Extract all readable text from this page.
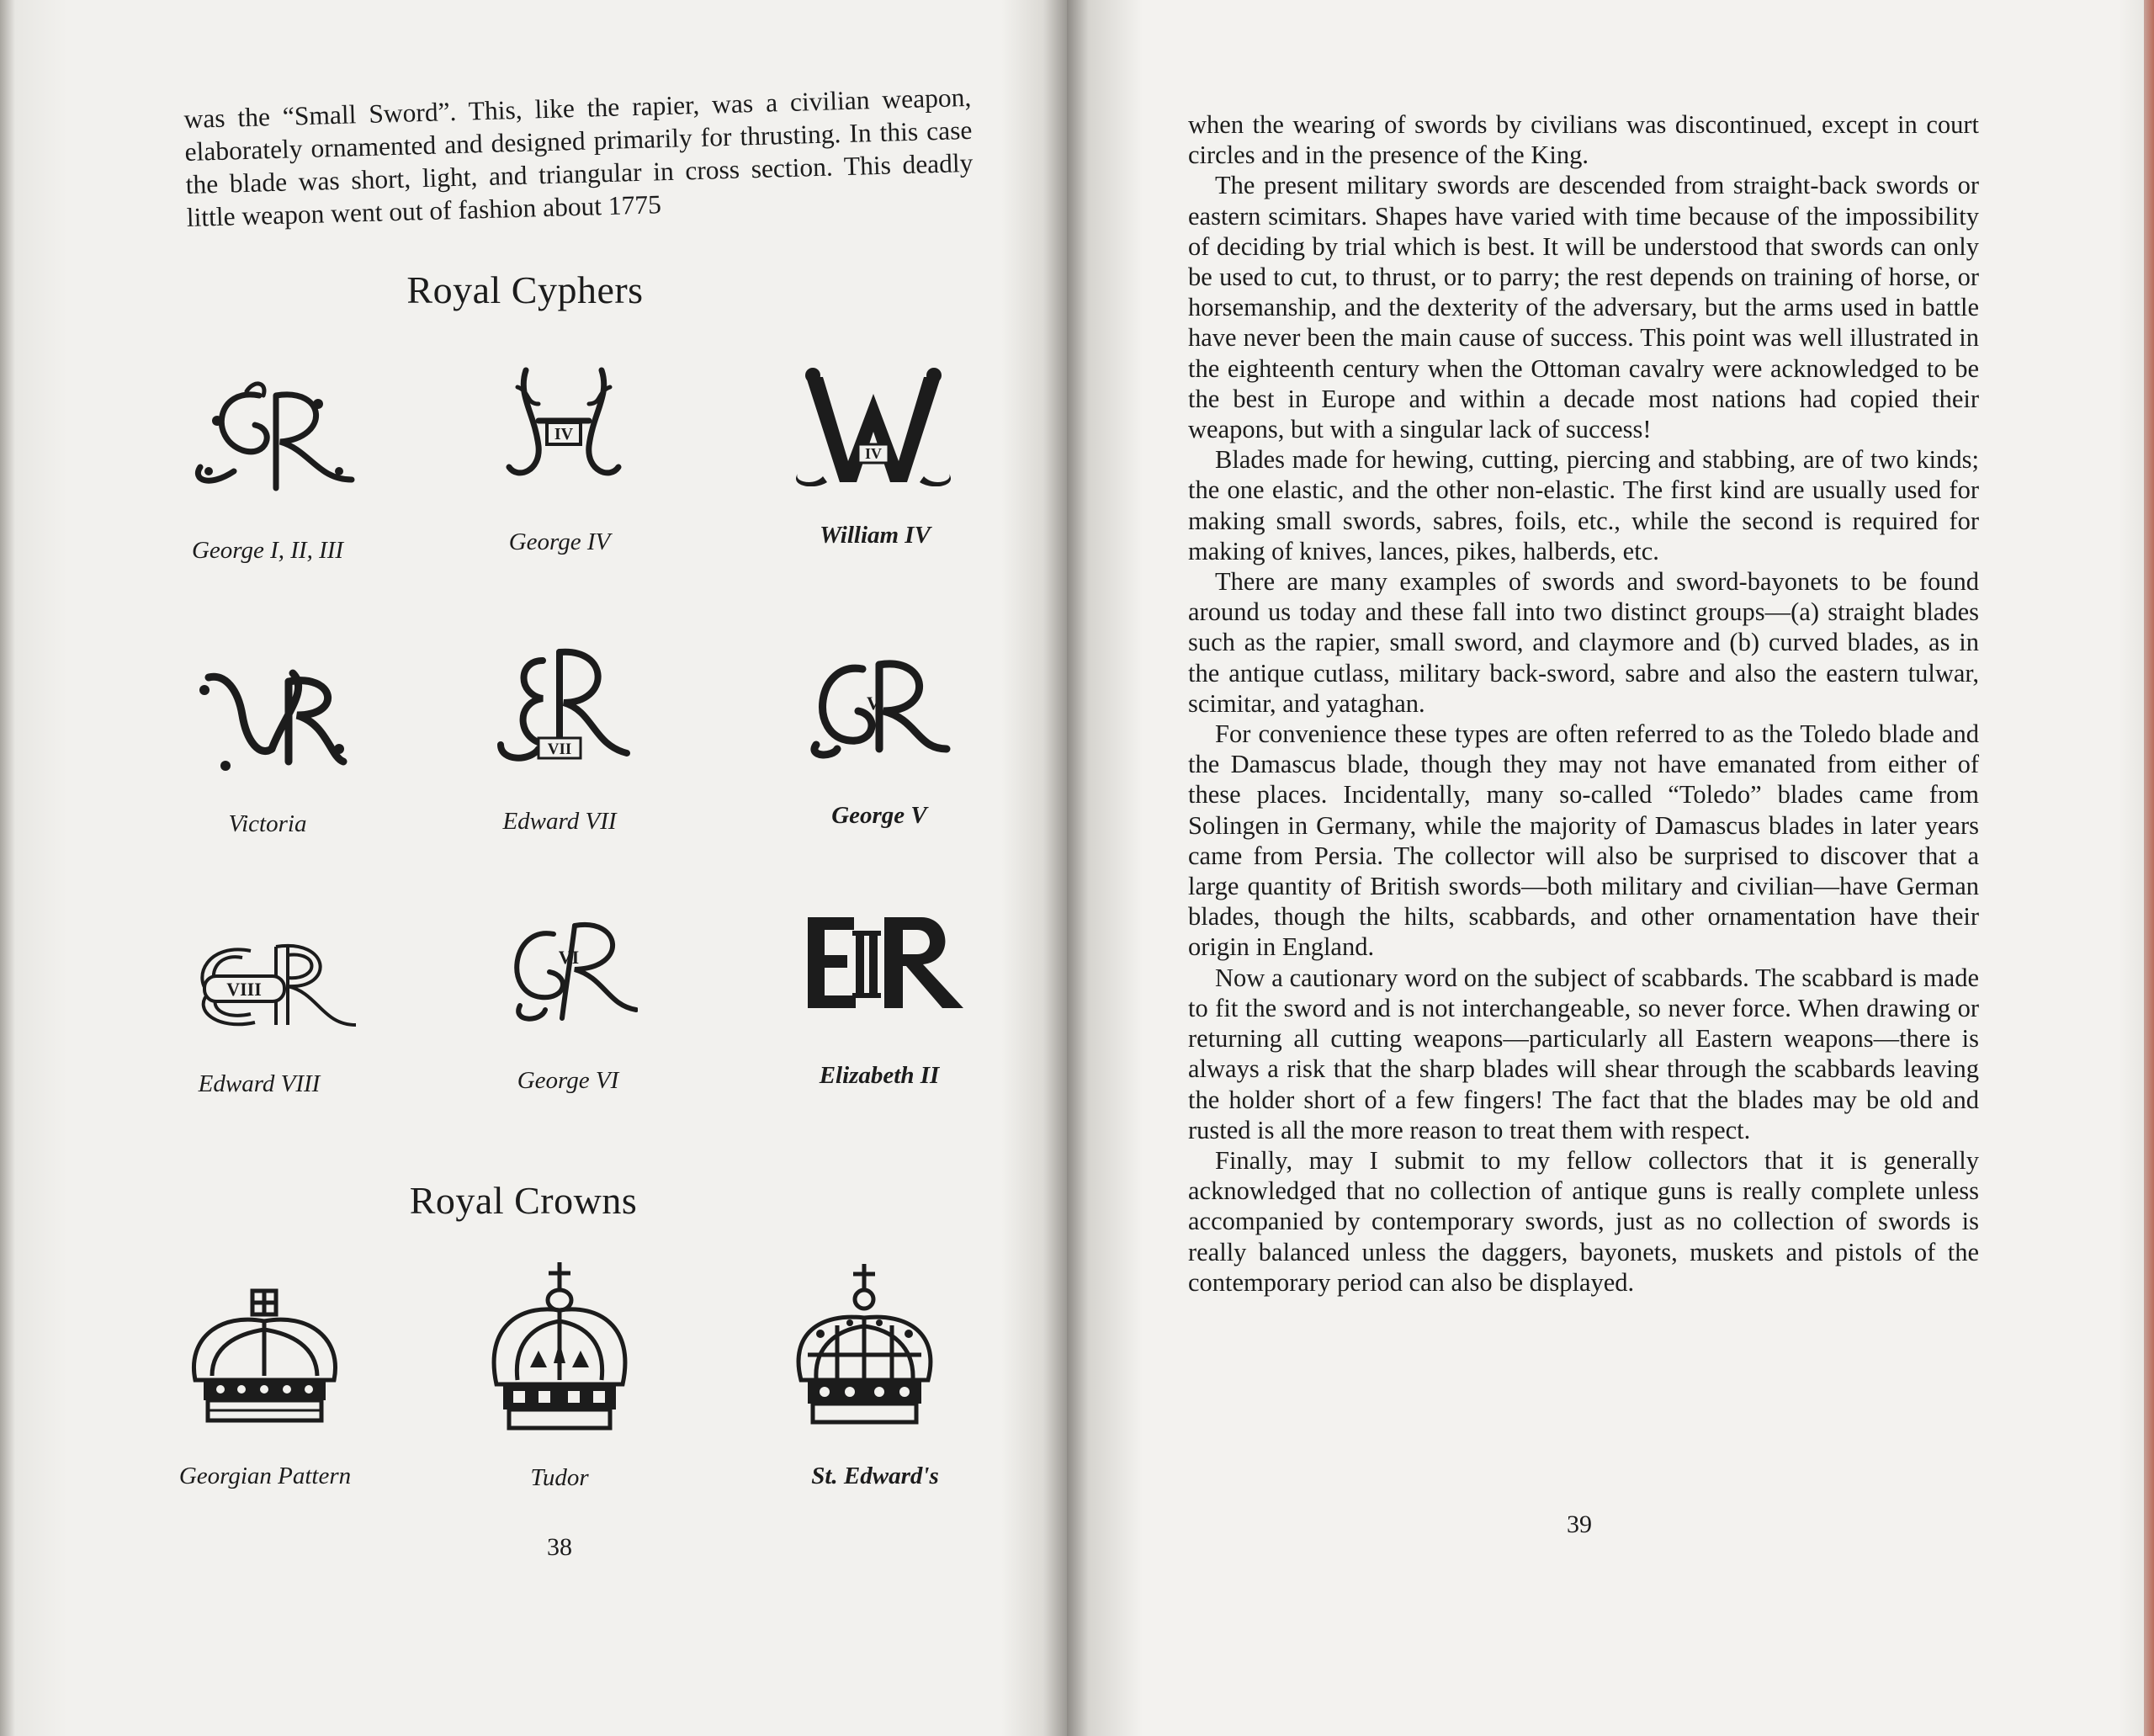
was the “Small Sword”. This, like the rapier, was a civilian weapon, elaborately ornamented and designed primarily for thrusting. In this case the blade was short, light, and triangular in cross section. This deadly little weapon went out of fashion about 1775

Royal Cyphers
George I, II, III
IV
George IV
IV
William IV
Victoria
VII
Edward VII
V
George V
VIII
Edward VIII
VI
George VI	Elizabeth II
Royal Crowns
Georgian Pattern	Tudor	St. Edward's
38

when the wearing of swords by civilians was discontinued, except in court circles and in the presence of the King.

The present military swords are descended from straight-back swords or eastern scimitars. Shapes have varied with time because of the impossibility of deciding by trial which is best. It will be understood that swords can only be used to cut, to thrust, or to parry; the rest depends on training of horse, or horsemanship, and the dexterity of the adversary, but the arms used in battle have never been the main cause of success. This point was well illustrated in the eighteenth century when the Ottoman cavalry were acknowledged to be the best in Europe and within a decade most nations had copied their weapons, but with a singular lack of success!

Blades made for hewing, cutting, piercing and stabbing, are of two kinds; the one elastic, and the other non-elastic. The first kind are usually used for making small swords, sabres, foils, etc., while the second is required for making of knives, lances, pikes, halberds, etc.

There are many examples of swords and sword-bayonets to be found around us today and these fall into two distinct groups—(a) straight blades such as the rapier, small sword, and claymore and (b) curved blades, as in the antique cutlass, military back-sword, sabre and also the eastern tulwar, scimitar, and yataghan.

For convenience these types are often referred to as the Toledo blade and the Damascus blade, though they may not have emanated from either of these places. Incidentally, many so-called “Toledo” blades came from Solingen in Germany, while the majority of Damascus blades in later years came from Persia. The collector will also be surprised to discover that a large quantity of British swords—both military and civilian—have German blades, though the hilts, scabbards, and other ornamentation have their origin in England.

Now a cautionary word on the subject of scabbards. The scabbard is made to fit the sword and is not interchangeable, so never force. When drawing or returning all cutting weapons—particularly all Eastern weapons—there is always a risk that the sharp blades will shear through the scabbards leaving the holder short of a few fingers! The fact that the blades may be old and rusted is all the more reason to treat them with respect.

Finally, may I submit to my fellow collectors that it is generally acknowledged that no collection of antique guns is really complete unless accompanied by contemporary swords, just as no collection of swords is really balanced unless the daggers, bayonets, muskets and pistols of the contemporary period can also be displayed.

39
